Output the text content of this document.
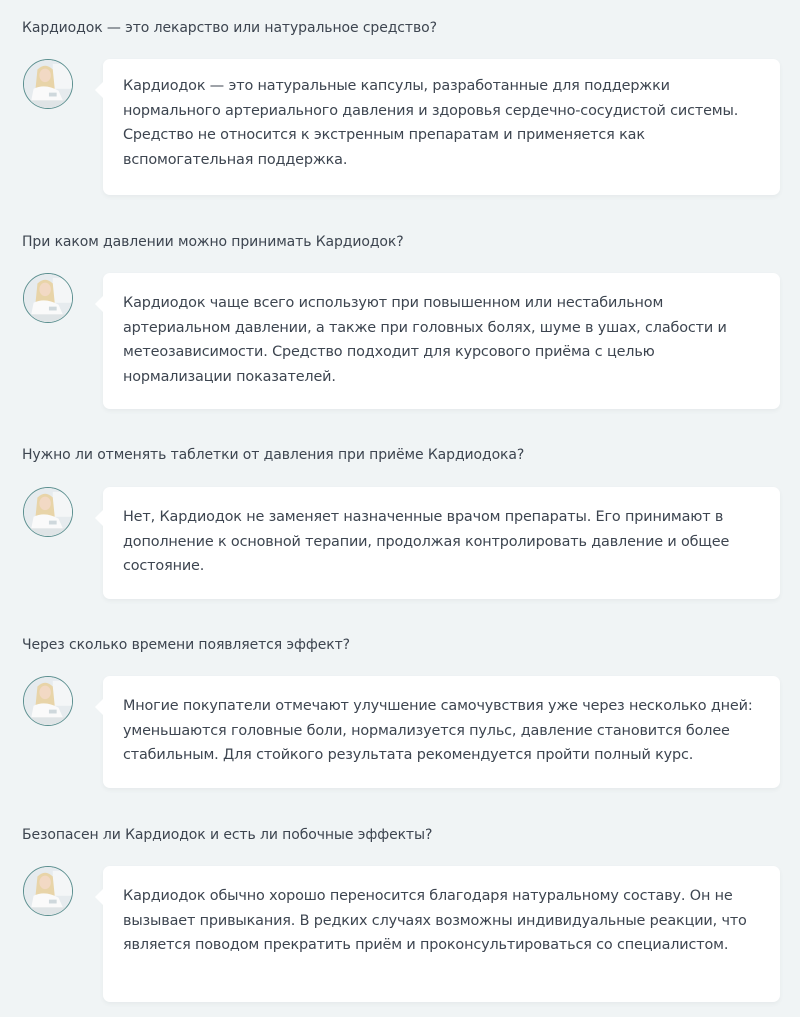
Кардиодок — это лекарство или натуральное средство?

Кардиодок — это натуральные капсулы, разработанные для поддержки нормального артериального давления и здоровья сердечно-сосудистой системы. Средство не относится к экстренным препаратам и применяется как вспомогательная поддержка.

При каком давлении можно принимать Кардиодок?

Кардиодок чаще всего используют при повышенном или нестабильном артериальном давлении, а также при головных болях, шуме в ушах, слабости и метеозависимости. Средство подходит для курсового приёма с целью нормализации показателей.

Нужно ли отменять таблетки от давления при приёме Кардиодока?

Нет, Кардиодок не заменяет назначенные врачом препараты. Его принимают в дополнение к основной терапии, продолжая контролировать давление и общее состояние.

Через сколько времени появляется эффект?

Многие покупатели отмечают улучшение самочувствия уже через несколько дней: уменьшаются головные боли, нормализуется пульс, давление становится более стабильным. Для стойкого результата рекомендуется пройти полный курс.

Безопасен ли Кардиодок и есть ли побочные эффекты?

Кардиодок обычно хорошо переносится благодаря натуральному составу. Он не вызывает привыкания. В редких случаях возможны индивидуальные реакции, что является поводом прекратить приём и проконсультироваться со специалистом.
